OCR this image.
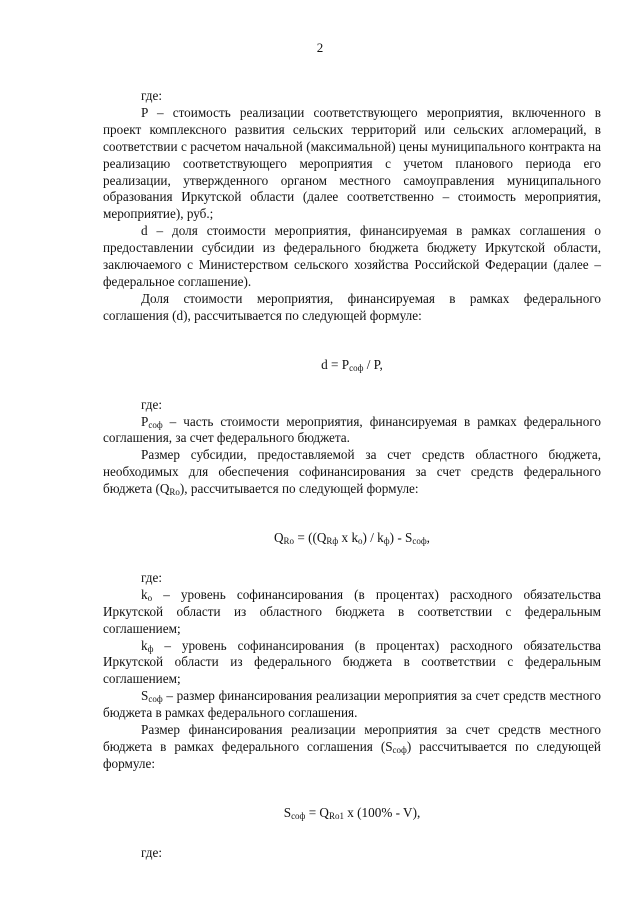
2

где:

P – стоимость реализации соответствующего мероприятия, включенного в проект комплексного развития сельских территорий или сельских агломераций, в соответствии с расчетом начальной (максимальной) цены муниципального контракта на реализацию соответствующего мероприятия с учетом планового периода его реализации, утвержденного органом местного самоуправления муниципального образования Иркутской области (далее соответственно – стоимость мероприятия, мероприятие), руб.;

d – доля стоимости мероприятия, финансируемая в рамках соглашения о предоставлении субсидии из федерального бюджета бюджету Иркутской области, заключаемого с Министерством сельского хозяйства Российской Федерации (далее – федеральное соглашение).

Доля стоимости мероприятия, финансируемая в рамках федерального соглашения (d), рассчитывается по следующей формуле:

$d = P_{соф} / P$,

где:

$P_{соф}$ – часть стоимости мероприятия, финансируемая в рамках федерального соглашения, за счет федерального бюджета.

Размер субсидии, предоставляемой за счет средств областного бюджета, необходимых для обеспечения софинансирования за счет средств федерального бюджета $(Q_{Ro})$, рассчитывается по следующей формуле:

$Q_{Ro} = ((Q_{Rф}$ x $k_o) / k_ф) - S_{соф}$,

где:

$k_o$ – уровень софинансирования (в процентах) расходного обязательства Иркутской области из областного бюджета в соответствии с федеральным соглашением;

$k_ф$ – уровень софинансирования (в процентах) расходного обязательства Иркутской области из федерального бюджета в соответствии с федеральным соглашением;

$S_{соф}$ – размер финансирования реализации мероприятия за счет средств местного бюджета в рамках федерального соглашения.

Размер финансирования реализации мероприятия за счет средств местного бюджета в рамках федерального соглашения $(S_{соф})$ рассчитывается по следующей формуле:

$S_{соф} = Q_{Ro1}$ x (100% - V),

где:
